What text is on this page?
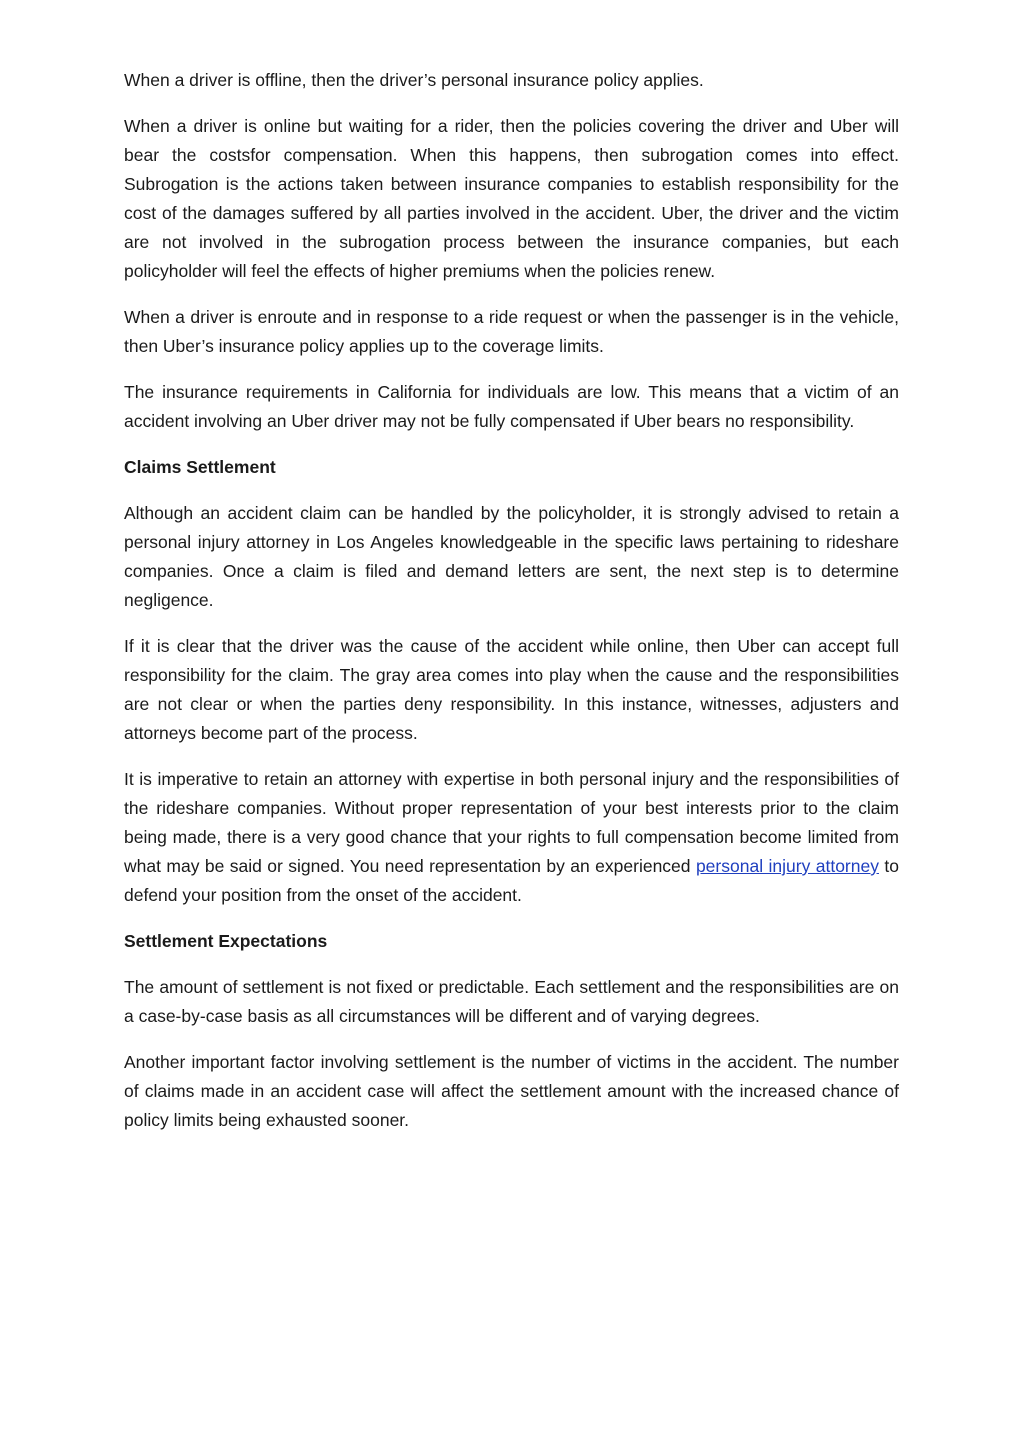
When a driver is offline, then the driver’s personal insurance policy applies.

When a driver is online but waiting for a rider, then the policies covering the driver and Uber will bear the costsfor compensation. When this happens, then subrogation comes into effect. Subrogation is the actions taken between insurance companies to establish responsibility for the cost of the damages suffered by all parties involved in the accident. Uber, the driver and the victim are not involved in the subrogation process between the insurance companies, but each policyholder will feel the effects of higher premiums when the policies renew.

When a driver is enroute and in response to a ride request or when the passenger is in the vehicle, then Uber’s insurance policy applies up to the coverage limits.

The insurance requirements in California for individuals are low. This means that a victim of an accident involving an Uber driver may not be fully compensated if Uber bears no responsibility.

Claims Settlement

Although an accident claim can be handled by the policyholder, it is strongly advised to retain a personal injury attorney in Los Angeles knowledgeable in the specific laws pertaining to rideshare companies. Once a claim is filed and demand letters are sent, the next step is to determine negligence.

If it is clear that the driver was the cause of the accident while online, then Uber can accept full responsibility for the claim. The gray area comes into play when the cause and the responsibilities are not clear or when the parties deny responsibility. In this instance, witnesses, adjusters and attorneys become part of the process.

It is imperative to retain an attorney with expertise in both personal injury and the responsibilities of the rideshare companies. Without proper representation of your best interests prior to the claim being made, there is a very good chance that your rights to full compensation become limited from what may be said or signed. You need representation by an experienced personal injury attorney to defend your position from the onset of the accident.

Settlement Expectations

The amount of settlement is not fixed or predictable. Each settlement and the responsibilities are on a case-by-case basis as all circumstances will be different and of varying degrees.

Another important factor involving settlement is the number of victims in the accident. The number of claims made in an accident case will affect the settlement amount with the increased chance of policy limits being exhausted sooner.
